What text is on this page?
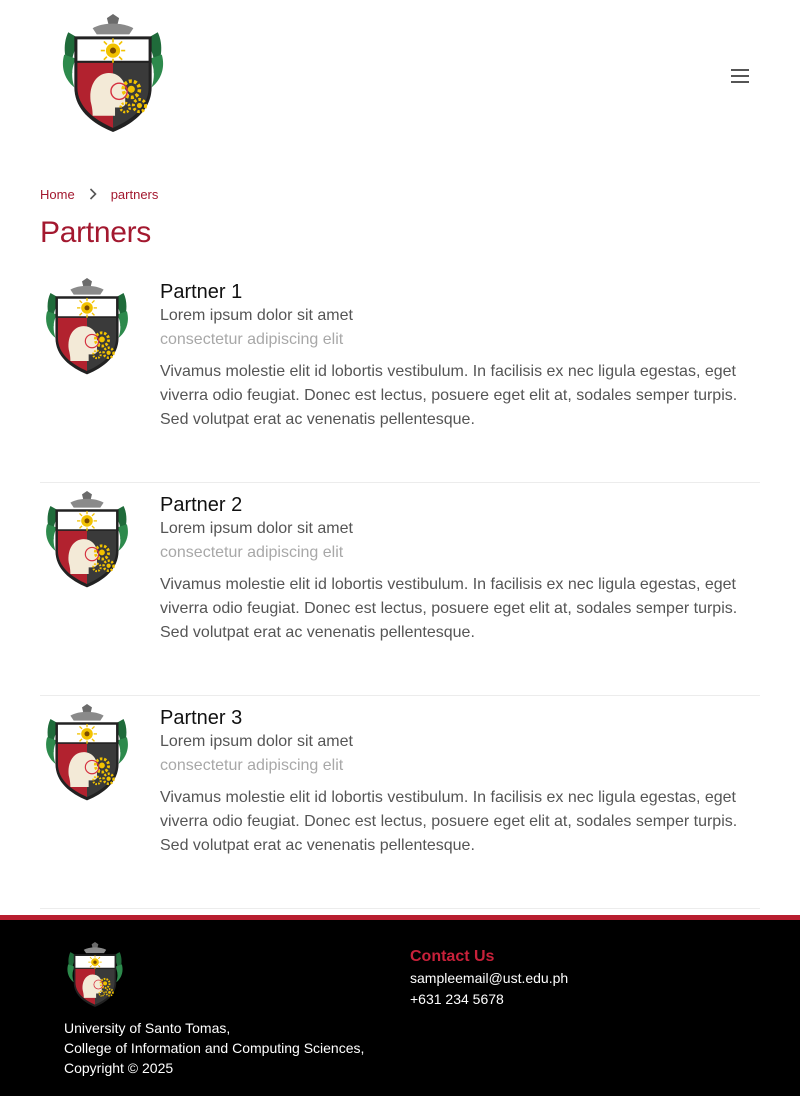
Home	partners
Partners
Partner 1
Lorem ipsum dolor sit amet
consectetur adipiscing elit

Vivamus molestie elit id lobortis vestibulum. In facilisis ex nec ligula egestas, eget viverra odio feugiat. Donec est lectus, posuere eget elit at, sodales semper turpis. Sed volutpat erat ac venenatis pellentesque.

Partner 2
Lorem ipsum dolor sit amet
consectetur adipiscing elit

Vivamus molestie elit id lobortis vestibulum. In facilisis ex nec ligula egestas, eget viverra odio feugiat. Donec est lectus, posuere eget elit at, sodales semper turpis. Sed volutpat erat ac venenatis pellentesque.

Partner 3
Lorem ipsum dolor sit amet
consectetur adipiscing elit

Vivamus molestie elit id lobortis vestibulum. In facilisis ex nec ligula egestas, eget viverra odio feugiat. Donec est lectus, posuere eget elit at, sodales semper turpis. Sed volutpat erat ac venenatis pellentesque.

University of Santo Tomas,
College of Information and Computing Sciences,
Copyright © 2025
Contact Us
sampleemail@ust.edu.ph
+631 234 5678
